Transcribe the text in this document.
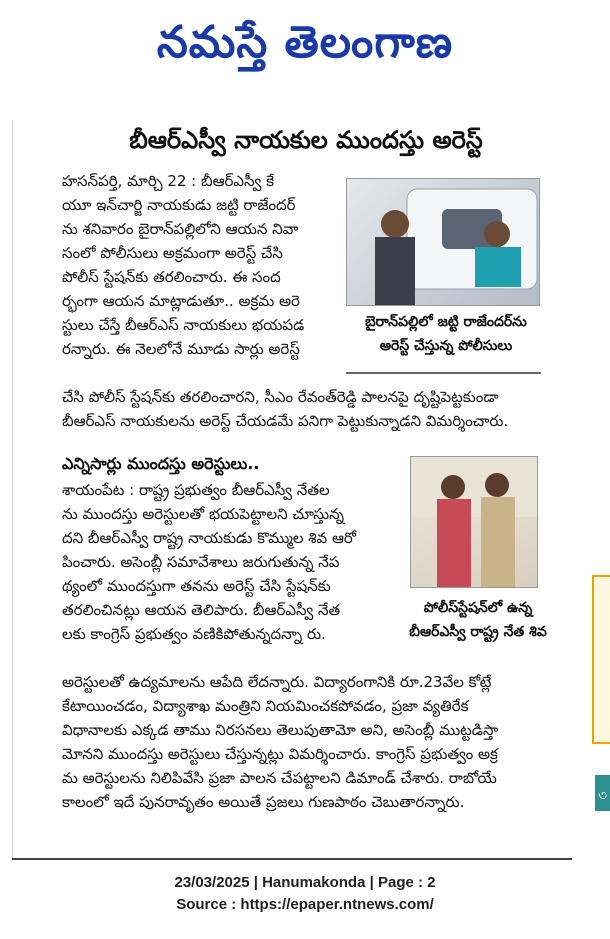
నమస్తే తెలంగాణ
బీఆర్ఎస్వీ నాయకుల ముందస్తు అరెస్ట్
బైరాన్‌పల్లిలో జట్టి రాజేందర్‌ను
అరెస్ట్ చేస్తున్న పోలీసులు

హసన్‌పర్తి, మార్చి 22 : బీఆర్ఎస్వీ కే

యూ ఇన్‌చార్జి నాయకుడు జట్టి రాజేందర్

ను శనివారం బైరాన్‌పల్లిలోని ఆయన నివా

సంలో పోలీసులు అక్రమంగా అరెస్ట్ చేసి

పోలీస్ స్టేషన్‌కు తరలించారు. ఈ సంద

ర్భంగా ఆయన మాట్లాడుతూ.. అక్రమ అరె

స్టులు చేస్తే బీఆర్ఎస్ నాయకులు భయపడ

రన్నారు. ఈ నెలలోనే మూడు సార్లు అరెస్ట్

చేసి పోలీస్ స్టేషన్‌కు తరలించారని, సీఎం రేవంత్‌రెడ్డి పాలనపై దృష్టిపెట్టకుండా

బీఆర్ఎస్ నాయకులను అరెస్ట్ చేయడమే పనిగా పెట్టుకున్నాడని విమర్శించారు.

ఎన్నిసార్లు ముందస్తు అరెస్టులు..
పోలీస్‌స్టేషన్‌లో ఉన్న
బీఆర్ఎస్వీ రాష్ట్ర నేత శివ

శాయంపేట : రాష్ట్ర ప్రభుత్వం బీఆర్ఎస్వీ నేతల

ను ముందస్తు అరెస్టులతో భయపెట్టాలని చూస్తున్న

దని బీఆర్ఎస్వీ రాష్ట్ర నాయకుడు కొమ్ముల శివ ఆరో

పించారు. అసెంబ్లీ సమావేశాలు జరుగుతున్న నేప

థ్యంలో ముందస్తుగా తనను అరెస్ట్ చేసి స్టేషన్‌కు

తరలించినట్లు ఆయన తెలిపారు. బీఆర్ఎస్వీ నేత

లకు కాంగ్రెస్ ప్రభుత్వం వణికిపోతున్నదన్నా రు.

అరెస్టులతో ఉద్యమాలను ఆపేది లేదన్నారు. విద్యారంగానికి రూ.23వేల కోట్లే

కేటాయించడం, విద్యాశాఖ మంత్రిని నియమించకపోవడం, ప్రజా వ్యతిరేక

విధానాలకు ఎక్కడ తాము నిరసనలు తెలుపుతామో అని, అసెంబ్లీ ముట్టడిస్తా

మోనని ముందస్తు అరెస్టులు చేస్తున్నట్లు విమర్శించారు. కాంగ్రెస్ ప్రభుత్వం అక్ర

మ అరెస్టులను నిలిపివేసి ప్రజా పాలన చేపట్టాలని డిమాండ్ చేశారు. రాబోయే

కాలంలో ఇదే పునరావృతం అయితే ప్రజలు గుణపాఠం చెబుతారన్నారు.

৩
23/03/2025 | Hanumakonda | Page : 2
Source : https://epaper.ntnews.com/
